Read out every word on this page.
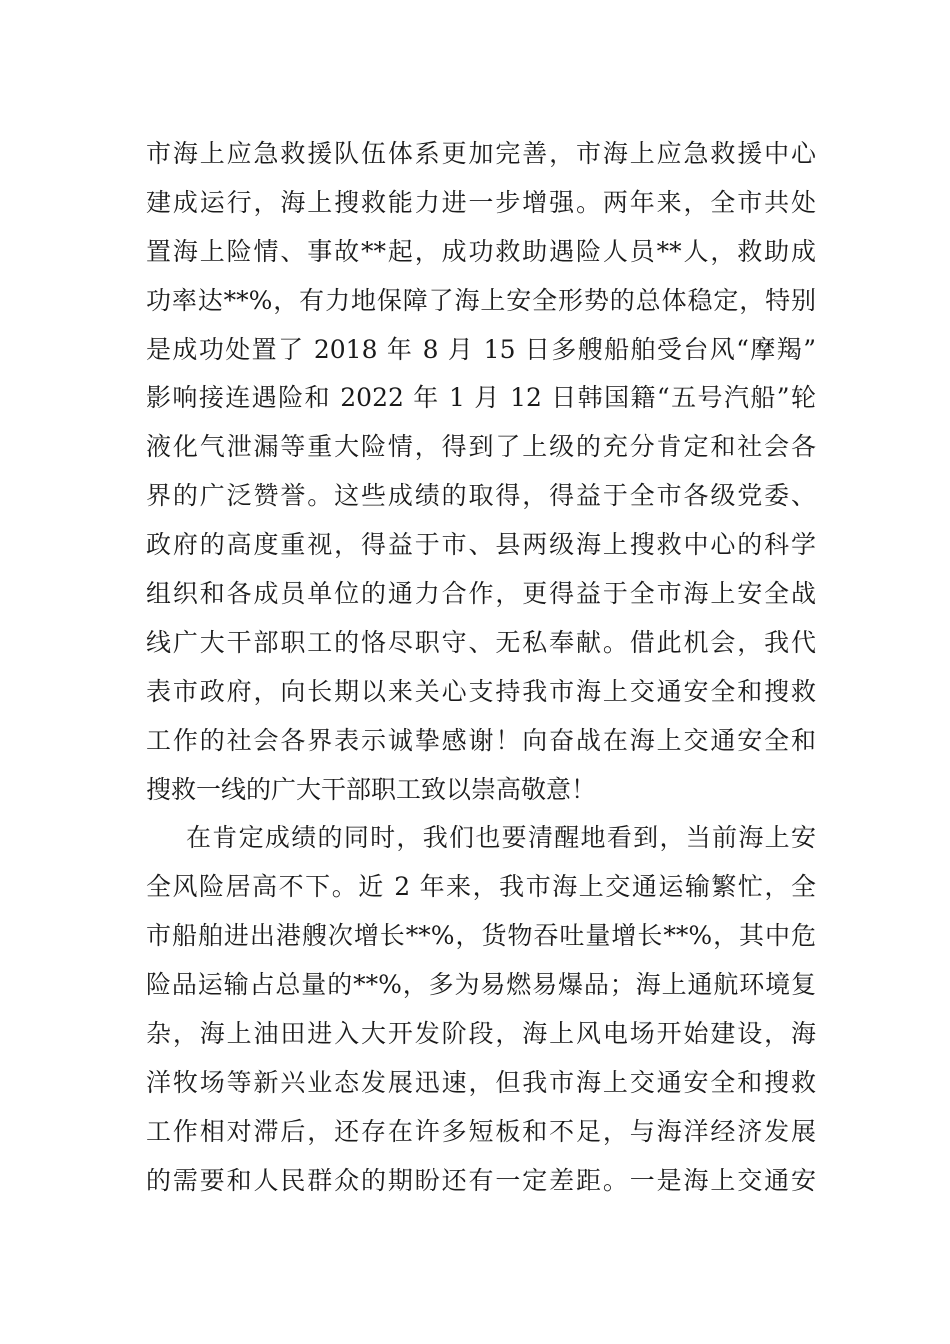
市海上应急救援队伍体系更加完善，市海上应急救援中心
建成运行，海上搜救能力进一步增强。两年来，全市共处
置海上险情、事故**起，成功救助遇险人员**人，救助成
功率达**%，有力地保障了海上安全形势的总体稳定，特别
是成功处置了 2018 年 8 月 15 日多艘船舶受台风“摩羯”
影响接连遇险和 2022 年 1 月 12 日韩国籍“五号汽船”轮
液化气泄漏等重大险情，得到了上级的充分肯定和社会各
界的广泛赞誉。这些成绩的取得，得益于全市各级党委、
政府的高度重视，得益于市、县两级海上搜救中心的科学
组织和各成员单位的通力合作，更得益于全市海上安全战
线广大干部职工的恪尽职守、无私奉献。借此机会，我代
表市政府，向长期以来关心支持我市海上交通安全和搜救
工作的社会各界表示诚挚感谢！向奋战在海上交通安全和
搜救一线的广大干部职工致以崇高敬意！
在肯定成绩的同时，我们也要清醒地看到，当前海上安
全风险居高不下。近 2 年来，我市海上交通运输繁忙，全
市船舶进出港艘次增长**%，货物吞吐量增长**%，其中危
险品运输占总量的**%，多为易燃易爆品；海上通航环境复
杂，海上油田进入大开发阶段，海上风电场开始建设，海
洋牧场等新兴业态发展迅速，但我市海上交通安全和搜救
工作相对滞后，还存在许多短板和不足，与海洋经济发展
的需要和人民群众的期盼还有一定差距。一是海上交通安
